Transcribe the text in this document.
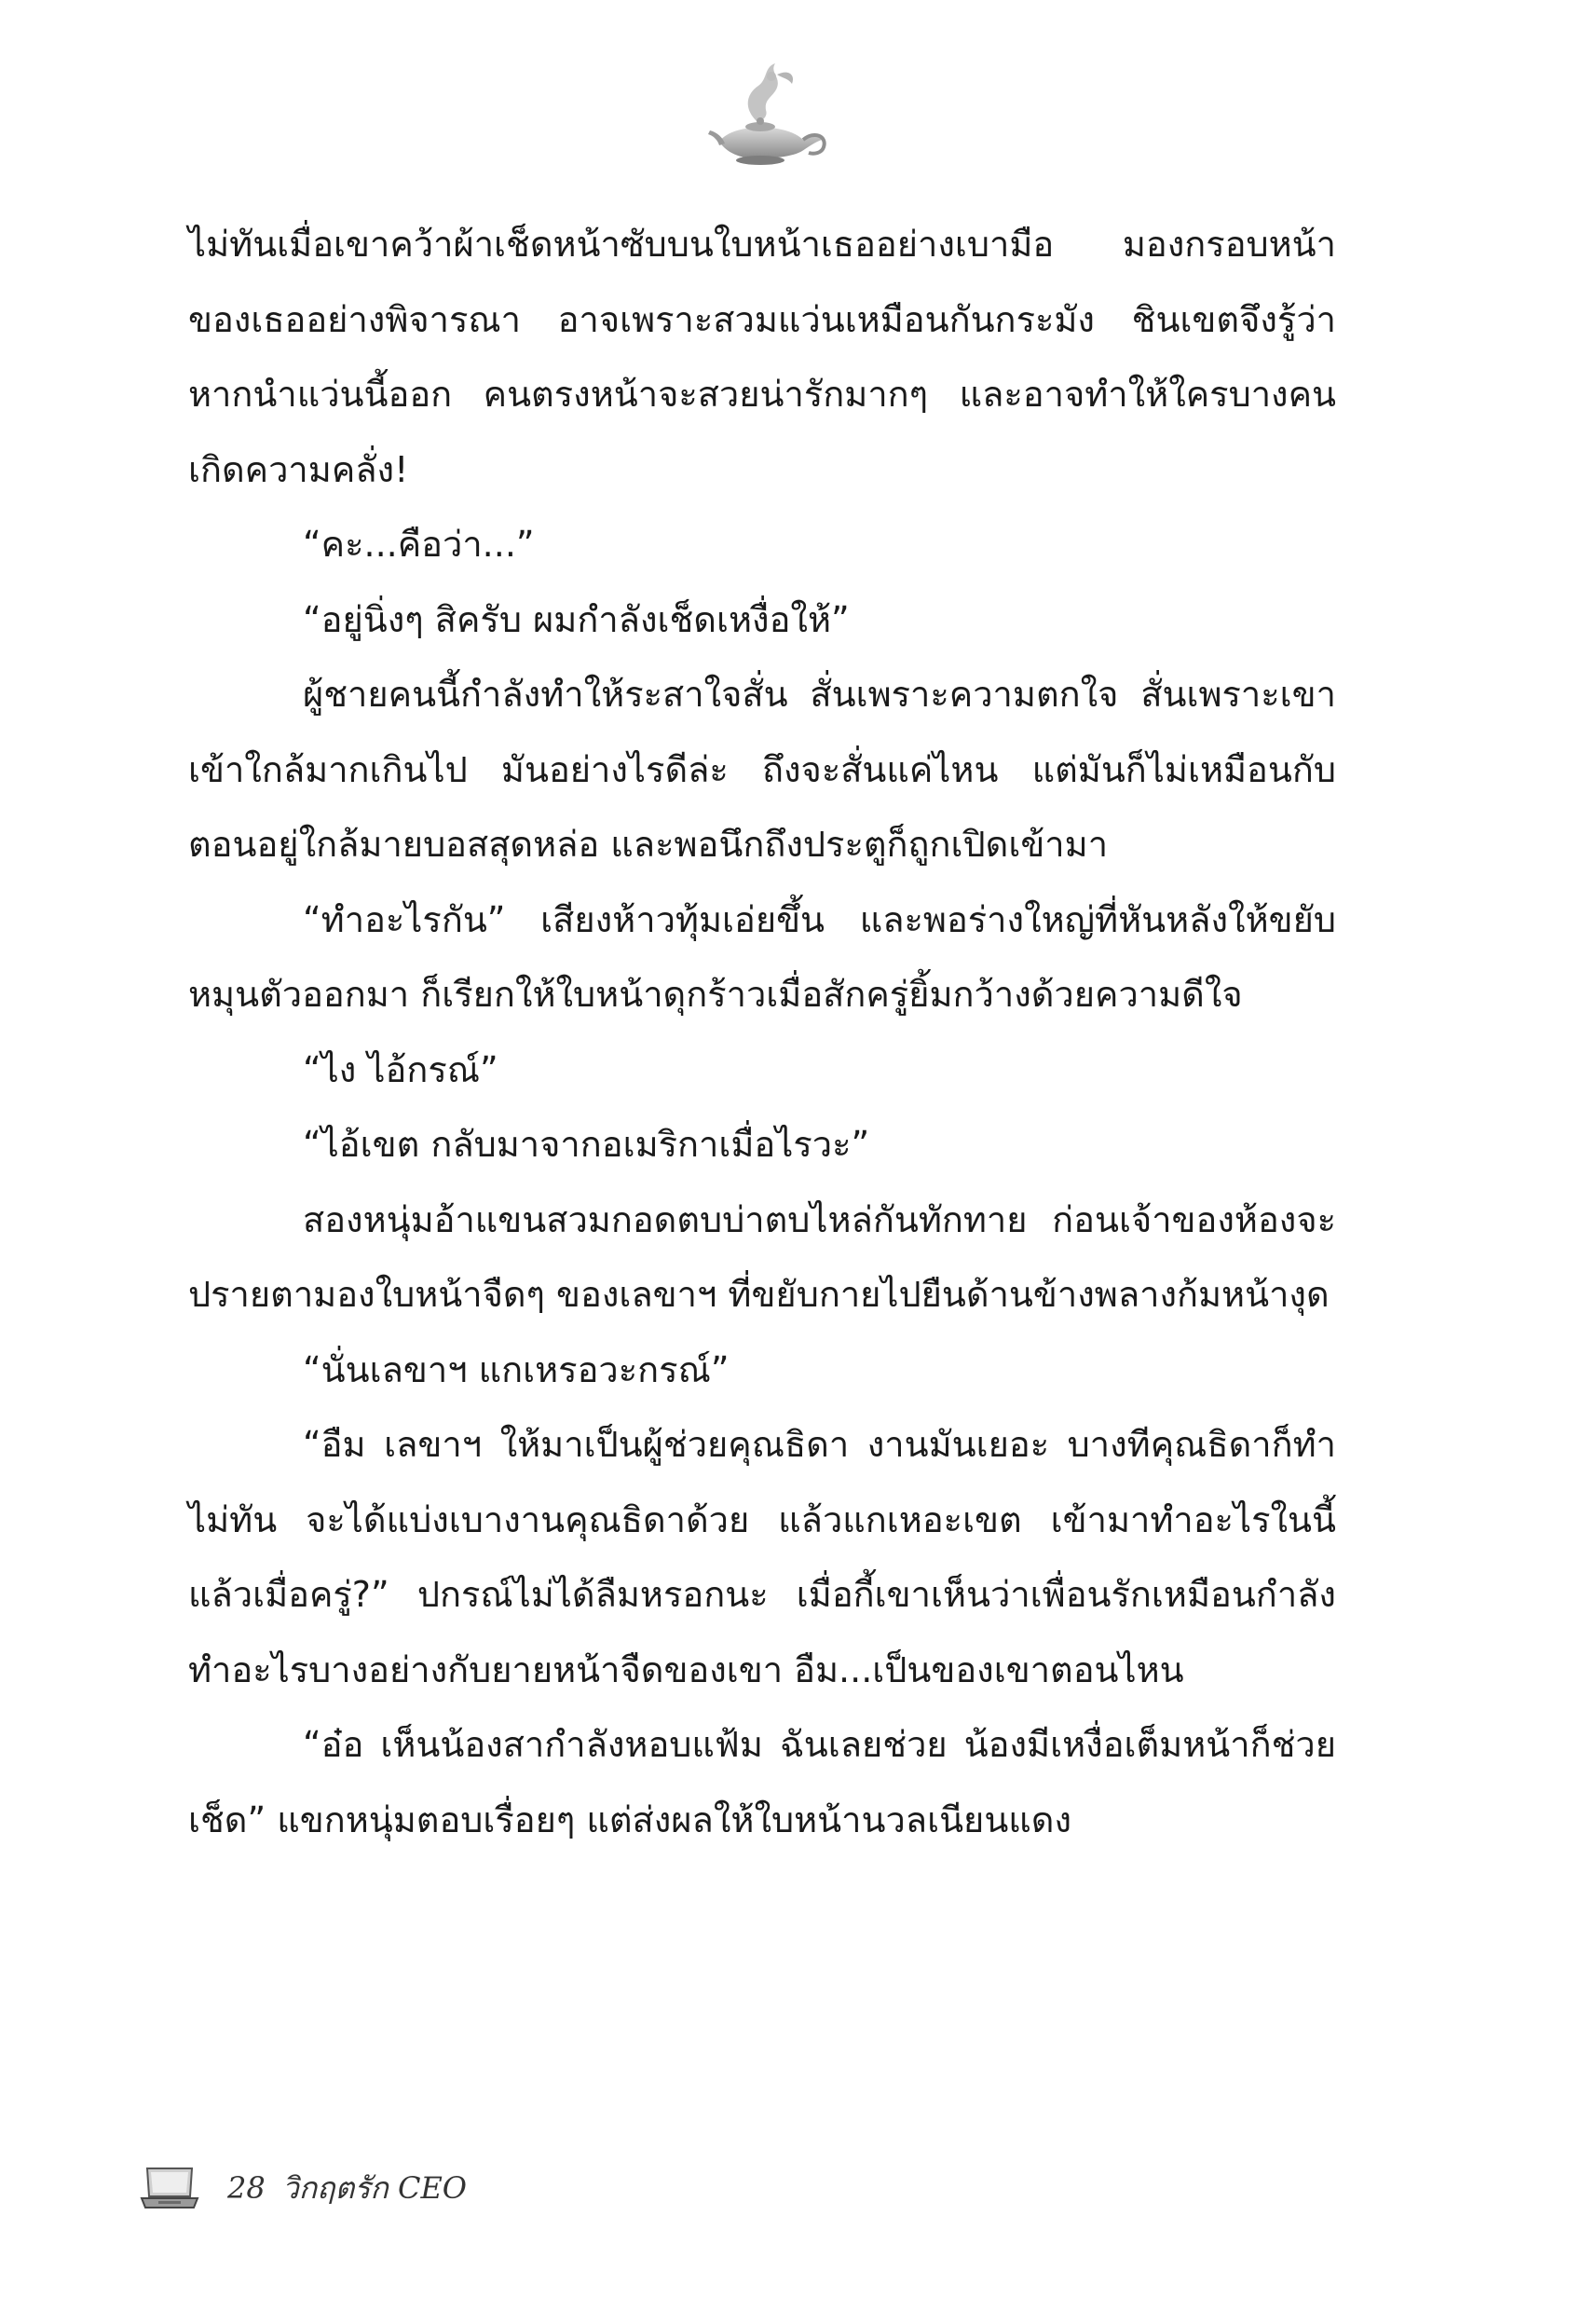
ไม่ทันเมื่อเขาคว้าผ้าเช็ดหน้าซับบนใบหน้าเธออย่างเบามือ มองกรอบหน้าของเธออย่างพิจารณา อาจเพราะสวมแว่นเหมือนกันกระมัง ชินเขตจึงรู้ว่าหากนำแว่นนี้ออก คนตรงหน้าจะสวยน่ารักมากๆ และอาจทำให้ใครบางคนเกิดความคลั่ง!

“คะ...คือว่า...”

“อยู่นิ่งๆ สิครับ ผมกำลังเช็ดเหงื่อให้”

ผู้ชายคนนี้กำลังทำให้ระสาใจสั่น สั่นเพราะความตกใจ สั่นเพราะเขาเข้าใกล้มากเกินไป มันอย่างไรดีล่ะ ถึงจะสั่นแค่ไหน แต่มันก็ไม่เหมือนกับตอนอยู่ใกล้มายบอสสุดหล่อ และพอนึกถึงประตูก็ถูกเปิดเข้ามา

“ทำอะไรกัน” เสียงห้าวทุ้มเอ่ยขึ้น และพอร่างใหญ่ที่หันหลังให้ขยับหมุนตัวออกมา ก็เรียกให้ใบหน้าดุกร้าวเมื่อสักครู่ยิ้มกว้างด้วยความดีใจ

“ไง ไอ้กรณ์”

“ไอ้เขต กลับมาจากอเมริกาเมื่อไรวะ”

สองหนุ่มอ้าแขนสวมกอดตบบ่าตบไหล่กันทักทาย ก่อนเจ้าของห้องจะปรายตามองใบหน้าจืดๆ ของเลขาฯ ที่ขยับกายไปยืนด้านข้างพลางก้มหน้างุด

“นั่นเลขาฯ แกเหรอวะกรณ์”

“อืม เลขาฯ ให้มาเป็นผู้ช่วยคุณธิดา งานมันเยอะ บางทีคุณธิดาก็ทำไม่ทัน จะได้แบ่งเบางานคุณธิดาด้วย แล้วแกเหอะเขต เข้ามาทำอะไรในนี้ แล้วเมื่อครู่?” ปกรณ์ไม่ได้ลืมหรอกนะ เมื่อกี้เขาเห็นว่าเพื่อนรักเหมือนกำลังทำอะไรบางอย่างกับยายหน้าจืดของเขา อืม...เป็นของเขาตอนไหน

“อ๋อ เห็นน้องสากำลังหอบแฟ้ม ฉันเลยช่วย น้องมีเหงื่อเต็มหน้าก็ช่วยเช็ด” แขกหนุ่มตอบเรื่อยๆ แต่ส่งผลให้ใบหน้านวลเนียนแดง

28 วิกฤตรัก CEO
